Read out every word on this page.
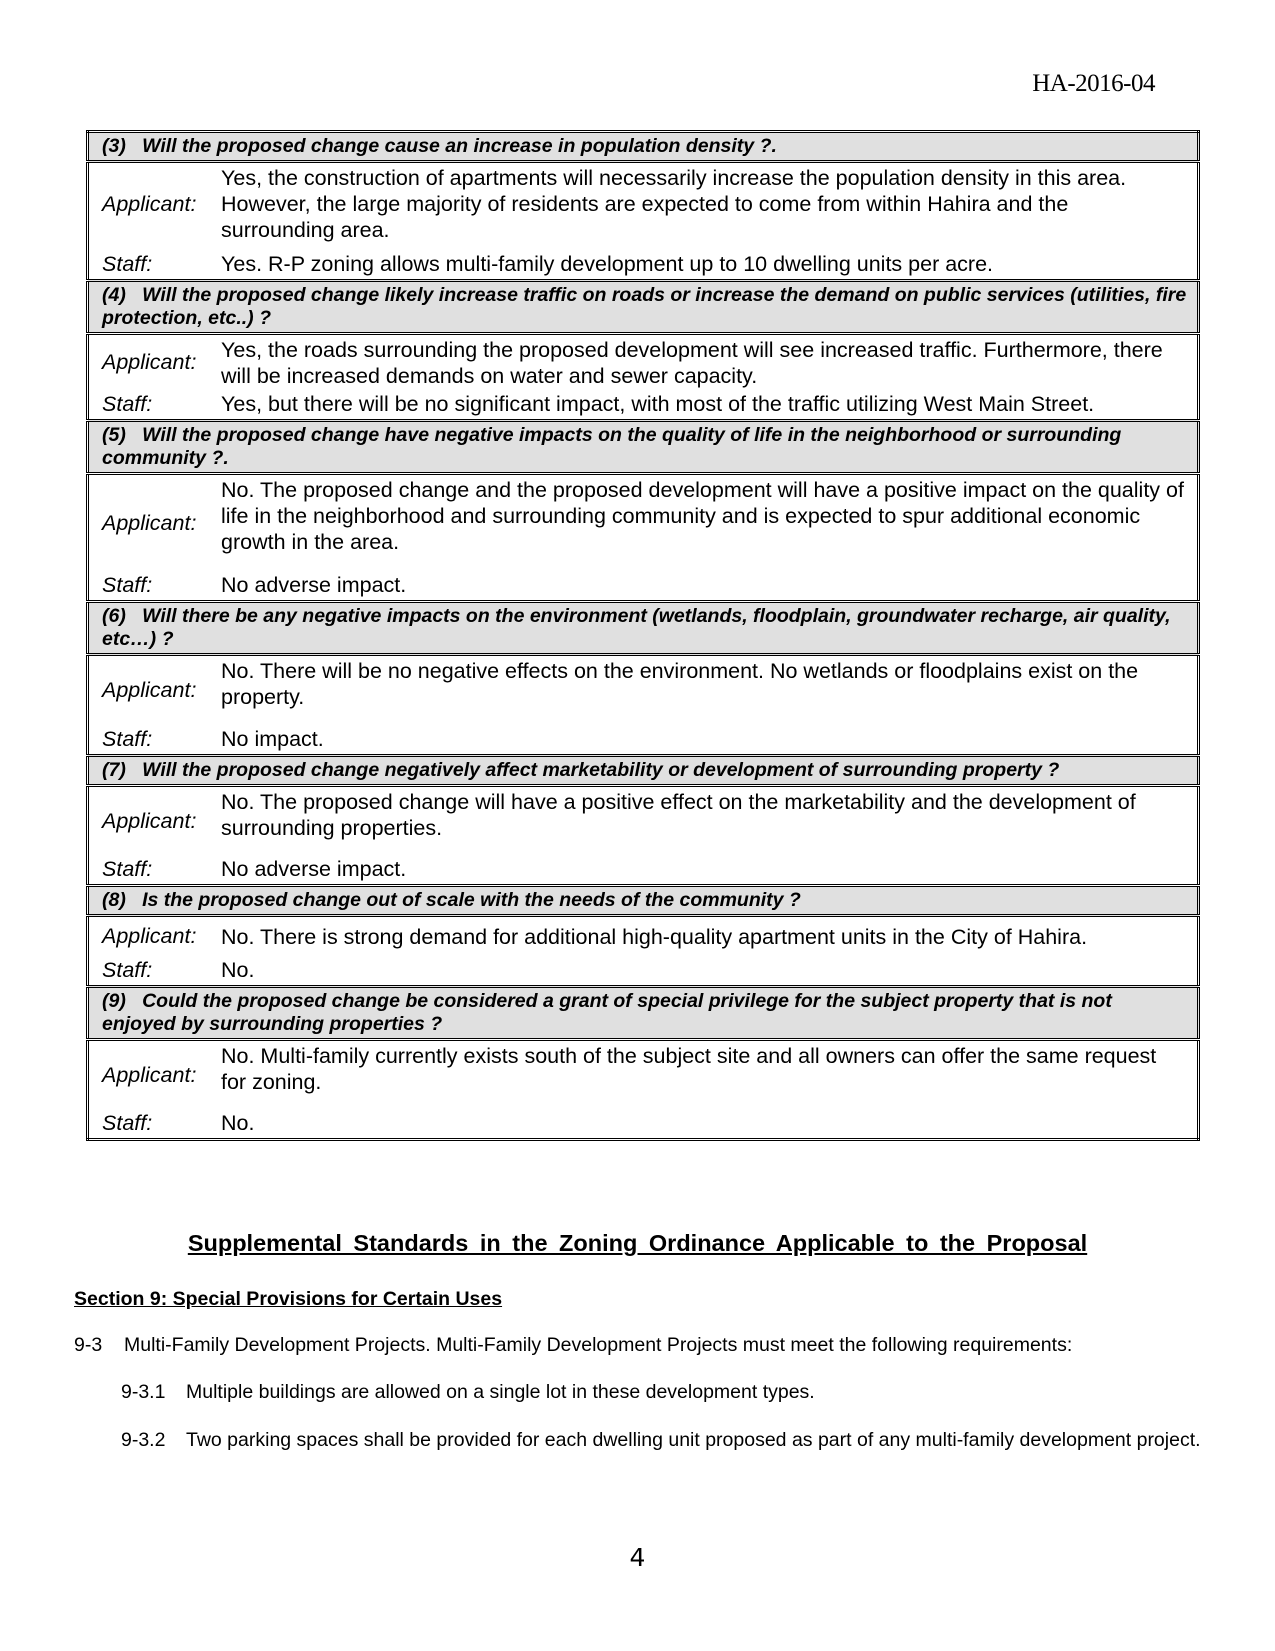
HA-2016-04
(3)   Will the proposed change cause an increase in population density ?.	
Applicant:	Yes, the construction of apartments will necessarily increase the population density in this area. However, the large majority of residents are expected to come from within Hahira and the surrounding area.
Staff:	Yes. R-P zoning allows multi-family development up to 10 dwelling units per acre.
(4)   Will the proposed change likely increase traffic on roads or increase the demand on public services (utilities, fire protection, etc..) ?	
Applicant:	Yes, the roads surrounding the proposed development will see increased traffic. Furthermore, there will be increased demands on water and sewer capacity.
Staff:	Yes, but there will be no significant impact, with most of the traffic utilizing West Main Street.
(5)   Will the proposed change have negative impacts on the quality of life in the neighborhood or surrounding community ?.	
Applicant:	No. The proposed change and the proposed development will have a positive impact on the quality of life in the neighborhood and surrounding community and is expected to spur additional economic growth in the area.
Staff:	No adverse impact.
(6)   Will there be any negative impacts on the environment (wetlands, floodplain, groundwater recharge, air quality, etc…) ?	
Applicant:	No. There will be no negative effects on the environment. No wetlands or floodplains exist on the property.
Staff:	No impact.
(7)   Will the proposed change negatively affect marketability or development of surrounding property ?	
Applicant:	No. The proposed change will have a positive effect on the marketability and the development of surrounding properties.
Staff:	No adverse impact.
(8)   Is the proposed change out of scale with the needs of the community ?	
Applicant:	No. There is strong demand for additional high-quality apartment units in the City of Hahira.
Staff:	No.
(9)   Could the proposed change be considered a grant of special privilege for the subject property that is not enjoyed by surrounding properties ?	
Applicant:	No. Multi-family currently exists south of the subject site and all owners can offer the same request for zoning.
Staff:	No.
Supplemental Standards in the Zoning Ordinance Applicable to the Proposal
Section 9: Special Provisions for Certain Uses
9-3 Multi-Family Development Projects. Multi-Family Development Projects must meet the following requirements:
9-3.1 Multiple buildings are allowed on a single lot in these development types.
9-3.2 Two parking spaces shall be provided for each dwelling unit proposed as part of any multi-family development project.
4
